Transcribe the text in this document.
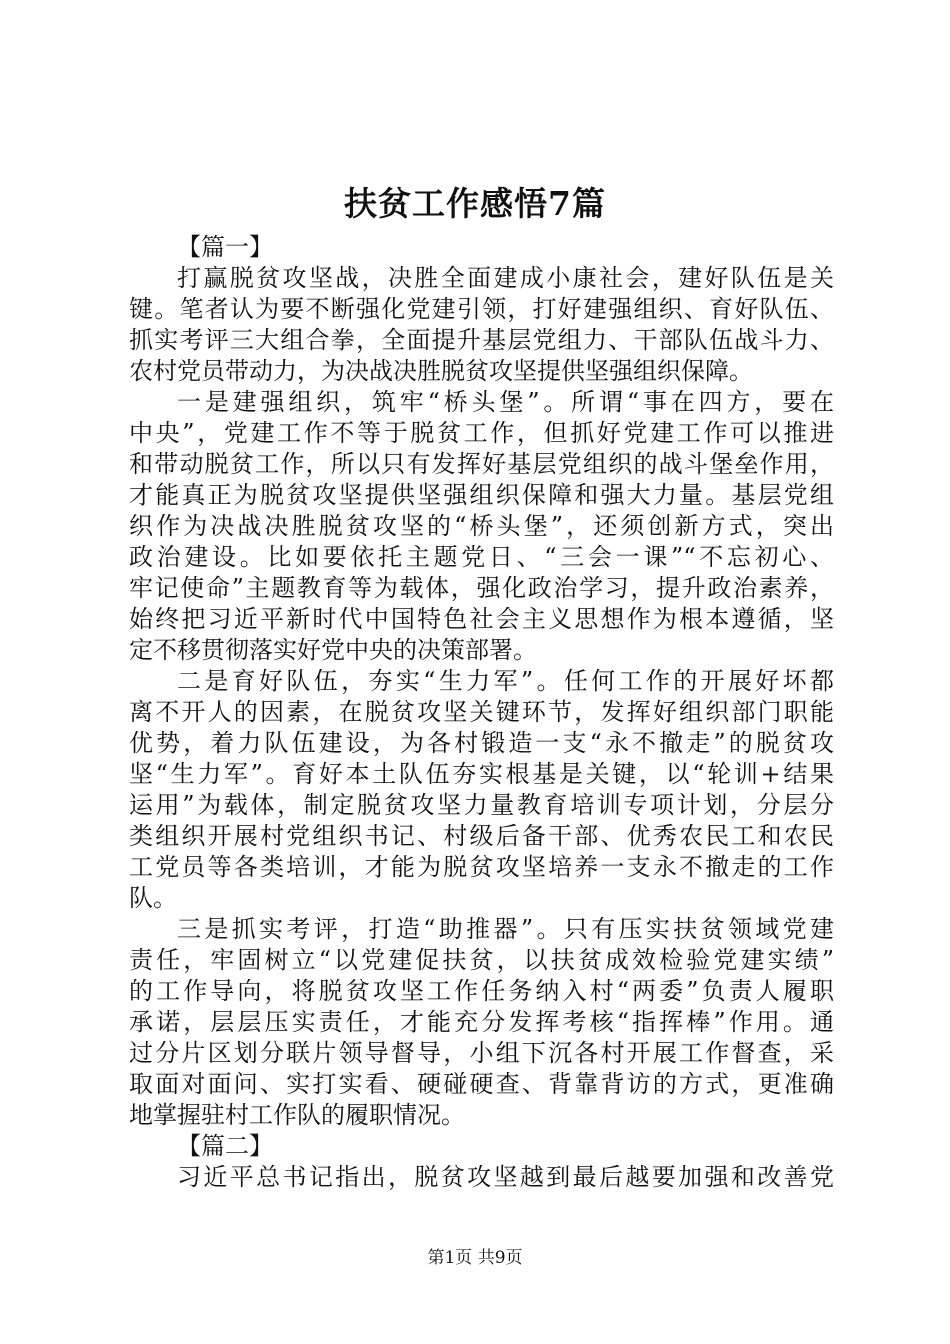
扶贫工作感悟7篇
【篇一】
打赢脱贫攻坚战，决胜全面建成小康社会，建好队伍是关
键。笔者认为要不断强化党建引领，打好建强组织、育好队伍、
抓实考评三大组合拳，全面提升基层党组力、干部队伍战斗力、
农村党员带动力，为决战决胜脱贫攻坚提供坚强组织保障。
一是建强组织，筑牢“桥头堡”。所谓“事在四方，要在
中央”，党建工作不等于脱贫工作，但抓好党建工作可以推进
和带动脱贫工作，所以只有发挥好基层党组织的战斗堡垒作用，
才能真正为脱贫攻坚提供坚强组织保障和强大力量。基层党组
织作为决战决胜脱贫攻坚的“桥头堡”，还须创新方式，突出
政治建设。比如要依托主题党日、“三会一课”“不忘初心、
牢记使命”主题教育等为载体，强化政治学习，提升政治素养，
始终把习近平新时代中国特色社会主义思想作为根本遵循，坚
定不移贯彻落实好党中央的决策部署。
二是育好队伍，夯实“生力军”。任何工作的开展好坏都
离不开人的因素，在脱贫攻坚关键环节，发挥好组织部门职能
优势，着力队伍建设，为各村锻造一支“永不撤走”的脱贫攻
坚“生力军”。育好本土队伍夯实根基是关键，以“轮训+结果
运用”为载体，制定脱贫攻坚力量教育培训专项计划，分层分
类组织开展村党组织书记、村级后备干部、优秀农民工和农民
工党员等各类培训，才能为脱贫攻坚培养一支永不撤走的工作
队。
三是抓实考评，打造“助推器”。只有压实扶贫领域党建
责任，牢固树立“以党建促扶贫，以扶贫成效检验党建实绩”
的工作导向，将脱贫攻坚工作任务纳入村“两委”负责人履职
承诺，层层压实责任，才能充分发挥考核“指挥棒”作用。通
过分片区划分联片领导督导，小组下沉各村开展工作督查，采
取面对面问、实打实看、硬碰硬查、背靠背访的方式，更准确
地掌握驻村工作队的履职情况。
【篇二】
习近平总书记指出，脱贫攻坚越到最后越要加强和改善党
第1页 共9页
